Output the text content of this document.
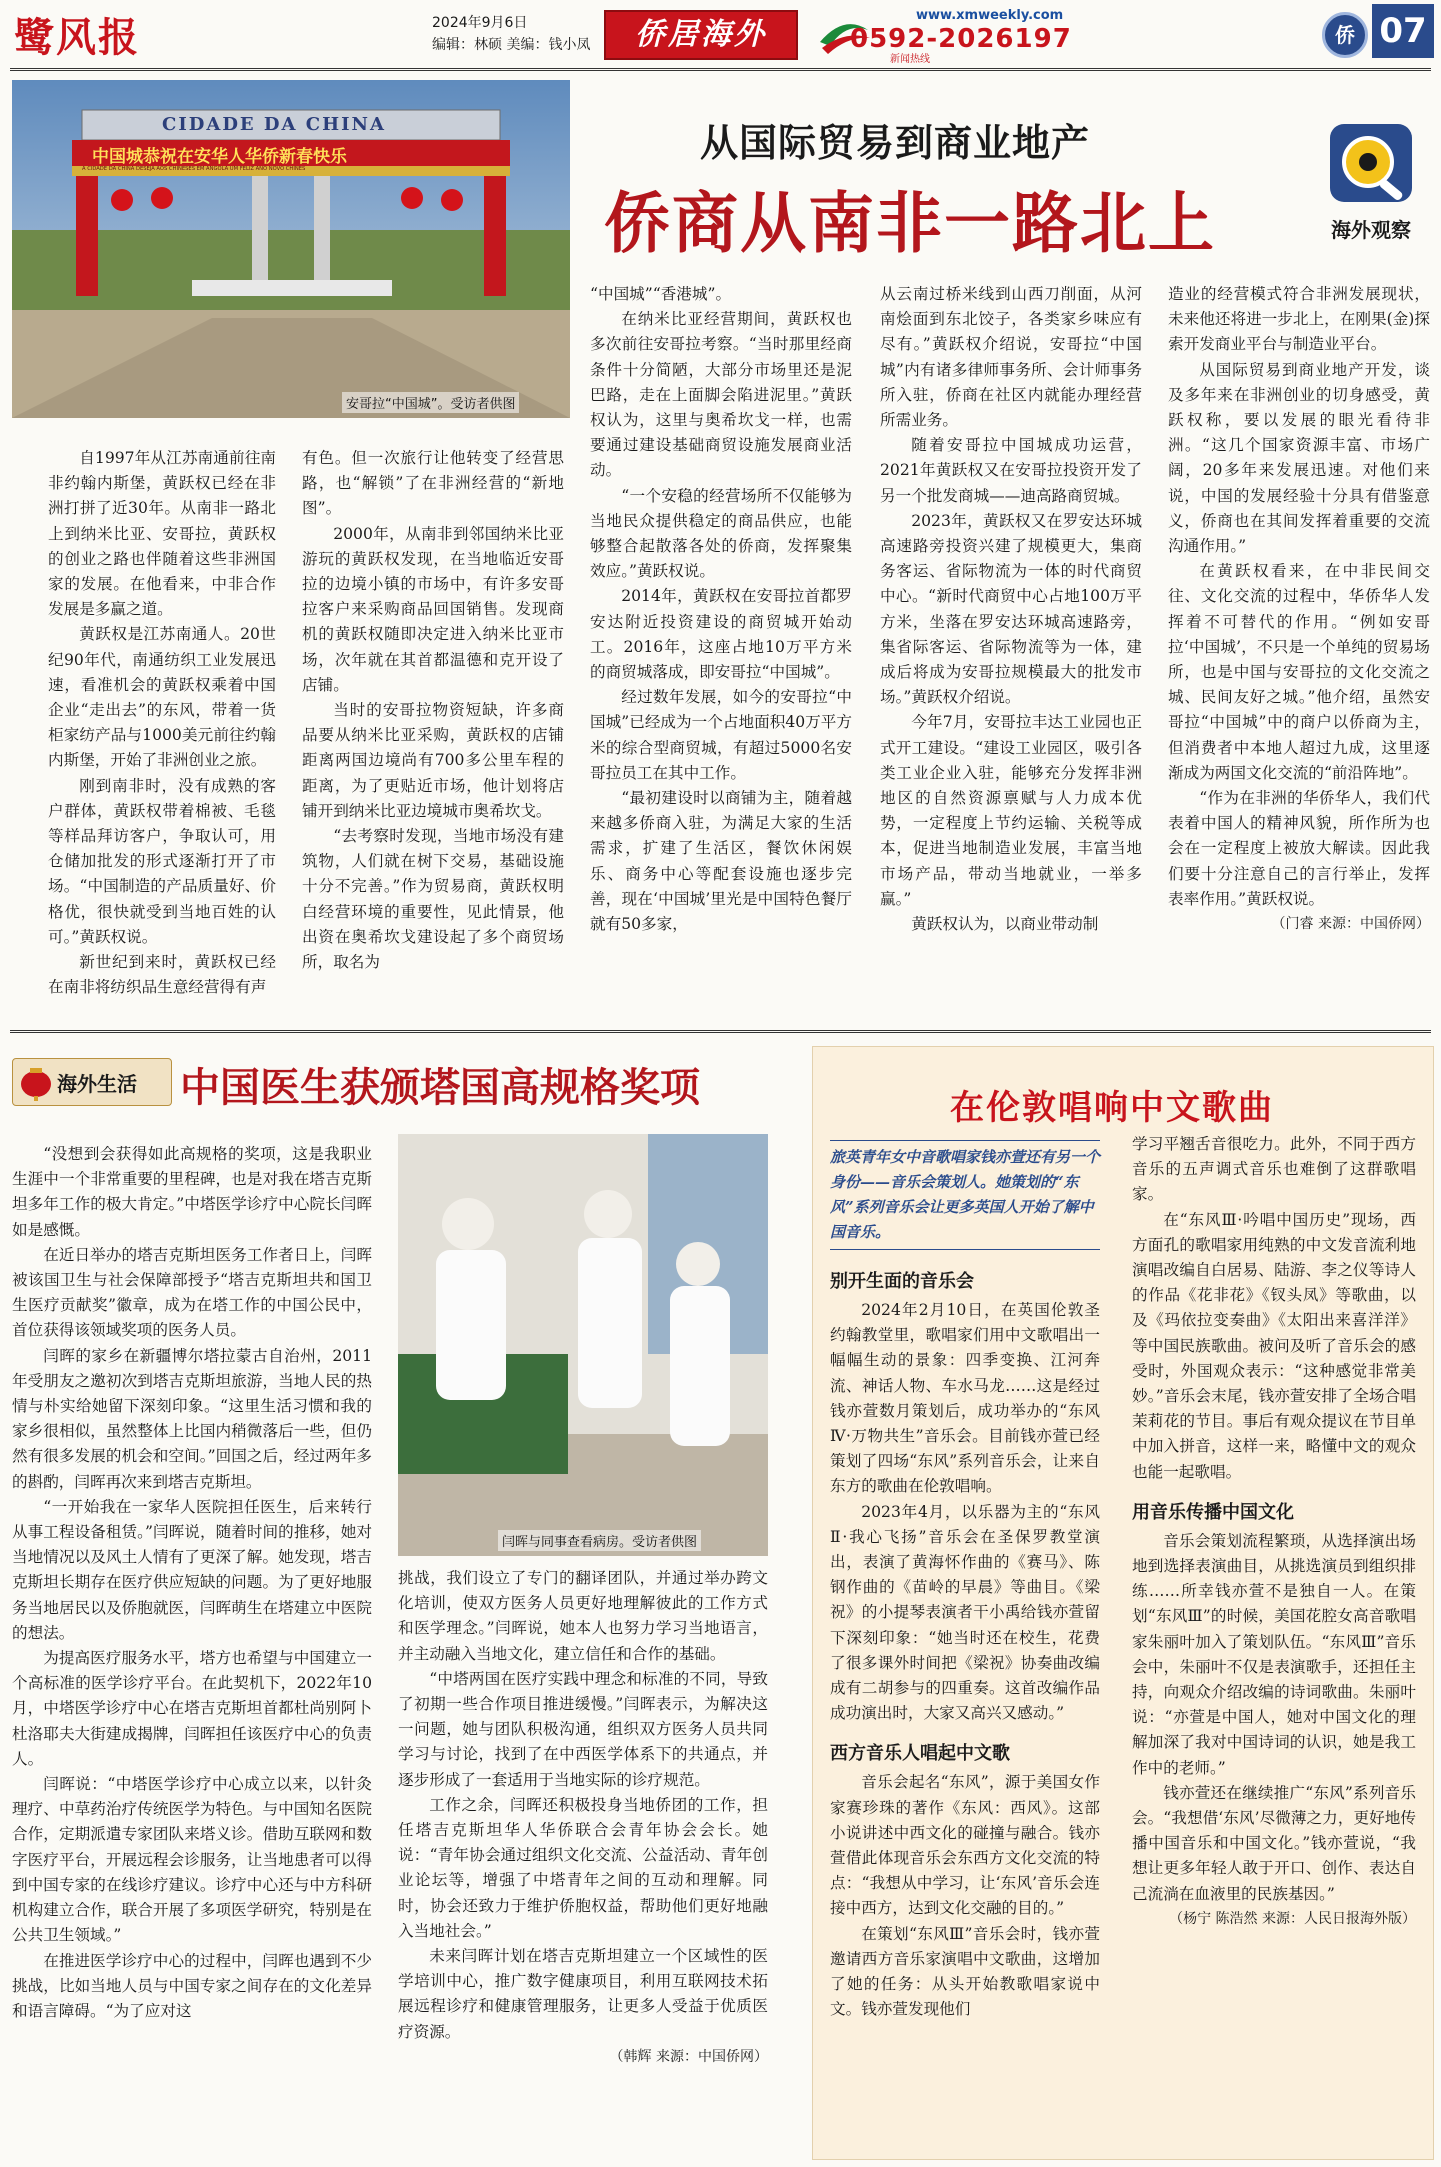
鹭风报	2024年9月6日
编辑：林硕 美编：钱小凤	侨居海外
www.xmweekly.com
0592-2026197
新闻热线
侨 07
CIDADE DA CHINA
中国城恭祝在安华人华侨新春快乐
A CIDADE DA CHINA DESEJA AOS CHINESES EM ANGOLA UM FELIZ ANO NOVO CHINES
安哥拉“中国城”。受访者供图
从国际贸易到商业地产
侨商从南非一路北上	海外观察

自1997年从江苏南通前往南非约翰内斯堡，黄跃权已经在非洲打拼了近30年。从南非一路北上到纳米比亚、安哥拉，黄跃权的创业之路也伴随着这些非洲国家的发展。在他看来，中非合作发展是多赢之道。

黄跃权是江苏南通人。20世纪90年代，南通纺织工业发展迅速，看准机会的黄跃权乘着中国企业“走出去”的东风，带着一货柜家纺产品与1000美元前往约翰内斯堡，开始了非洲创业之旅。

刚到南非时，没有成熟的客户群体，黄跃权带着棉被、毛毯等样品拜访客户，争取认可，用仓储加批发的形式逐渐打开了市场。“中国制造的产品质量好、价格优，很快就受到当地百姓的认可。”黄跃权说。

新世纪到来时，黄跃权已经在南非将纺织品生意经营得有声

有色。但一次旅行让他转变了经营思路，也“解锁”了在非洲经营的“新地图”。

2000年，从南非到邻国纳米比亚游玩的黄跃权发现，在当地临近安哥拉的边境小镇的市场中，有许多安哥拉客户来采购商品回国销售。发现商机的黄跃权随即决定进入纳米比亚市场，次年就在其首都温德和克开设了店铺。

当时的安哥拉物资短缺，许多商品要从纳米比亚采购，黄跃权的店铺距离两国边境尚有700多公里车程的距离，为了更贴近市场，他计划将店铺开到纳米比亚边境城市奥希坎戈。

“去考察时发现，当地市场没有建筑物，人们就在树下交易，基础设施十分不完善。”作为贸易商，黄跃权明白经营环境的重要性，见此情景，他出资在奥希坎戈建设起了多个商贸场所，取名为

“中国城”“香港城”。

在纳米比亚经营期间，黄跃权也多次前往安哥拉考察。“当时那里经商条件十分简陋，大部分市场里还是泥巴路，走在上面脚会陷进泥里。”黄跃权认为，这里与奥希坎戈一样，也需要通过建设基础商贸设施发展商业活动。

“一个安稳的经营场所不仅能够为当地民众提供稳定的商品供应，也能够整合起散落各处的侨商，发挥聚集效应。”黄跃权说。

2014年，黄跃权在安哥拉首都罗安达附近投资建设的商贸城开始动工。2016年，这座占地10万平方米的商贸城落成，即安哥拉“中国城”。

经过数年发展，如今的安哥拉“中国城”已经成为一个占地面积40万平方米的综合型商贸城，有超过5000名安哥拉员工在其中工作。

“最初建设时以商铺为主，随着越来越多侨商入驻，为满足大家的生活需求，扩建了生活区，餐饮休闲娱乐、商务中心等配套设施也逐步完善，现在‘中国城’里光是中国特色餐厅就有50多家，

从云南过桥米线到山西刀削面，从河南烩面到东北饺子，各类家乡味应有尽有。”黄跃权介绍说，安哥拉“中国城”内有诸多律师事务所、会计师事务所入驻，侨商在社区内就能办理经营所需业务。

随着安哥拉中国城成功运营，2021年黄跃权又在安哥拉投资开发了另一个批发商城——迪高路商贸城。

2023年，黄跃权又在罗安达环城高速路旁投资兴建了规模更大，集商务客运、省际物流为一体的时代商贸中心。“新时代商贸中心占地100万平方米，坐落在罗安达环城高速路旁，集省际客运、省际物流等为一体，建成后将成为安哥拉规模最大的批发市场。”黄跃权介绍说。

今年7月，安哥拉丰达工业园也正式开工建设。“建设工业园区，吸引各类工业企业入驻，能够充分发挥非洲地区的自然资源禀赋与人力成本优势，一定程度上节约运输、关税等成本，促进当地制造业发展，丰富当地市场产品，带动当地就业，一举多赢。”

黄跃权认为，以商业带动制

造业的经营模式符合非洲发展现状，未来他还将进一步北上，在刚果(金)探索开发商业平台与制造业平台。

从国际贸易到商业地产开发，谈及多年来在非洲创业的切身感受，黄跃权称，要以发展的眼光看待非洲。“这几个国家资源丰富、市场广阔，20多年来发展迅速。对他们来说，中国的发展经验十分具有借鉴意义，侨商也在其间发挥着重要的交流沟通作用。”

在黄跃权看来，在中非民间交往、文化交流的过程中，华侨华人发挥着不可替代的作用。“例如安哥拉‘中国城’，不只是一个单纯的贸易场所，也是中国与安哥拉的文化交流之城、民间友好之城。”他介绍，虽然安哥拉“中国城”中的商户以侨商为主，但消费者中本地人超过九成，这里逐渐成为两国文化交流的“前沿阵地”。

“作为在非洲的华侨华人，我们代表着中国人的精神风貌，所作所为也会在一定程度上被放大解读。因此我们要十分注意自己的言行举止，发挥表率作用。”黄跃权说。

（门睿 来源：中国侨网）

海外生活 中国医生获颁塔国高规格奖项
闫晖与同事查看病房。受访者供图

“没想到会获得如此高规格的奖项，这是我职业生涯中一个非常重要的里程碑，也是对我在塔吉克斯坦多年工作的极大肯定。”中塔医学诊疗中心院长闫晖如是感慨。

在近日举办的塔吉克斯坦医务工作者日上，闫晖被该国卫生与社会保障部授予“塔吉克斯坦共和国卫生医疗贡献奖”徽章，成为在塔工作的中国公民中，首位获得该领域奖项的医务人员。

闫晖的家乡在新疆博尔塔拉蒙古自治州，2011年受朋友之邀初次到塔吉克斯坦旅游，当地人民的热情与朴实给她留下深刻印象。“这里生活习惯和我的家乡很相似，虽然整体上比国内稍微落后一些，但仍然有很多发展的机会和空间。”回国之后，经过两年多的斟酌，闫晖再次来到塔吉克斯坦。

“一开始我在一家华人医院担任医生，后来转行从事工程设备租赁。”闫晖说，随着时间的推移，她对当地情况以及风土人情有了更深了解。她发现，塔吉克斯坦长期存在医疗供应短缺的问题。为了更好地服务当地居民以及侨胞就医，闫晖萌生在塔建立中医院的想法。

为提高医疗服务水平，塔方也希望与中国建立一个高标准的医学诊疗平台。在此契机下，2022年10月，中塔医学诊疗中心在塔吉克斯坦首都杜尚别阿卜杜洛耶夫大街建成揭牌，闫晖担任该医疗中心的负责人。

闫晖说：“中塔医学诊疗中心成立以来，以针灸理疗、中草药治疗传统医学为特色。与中国知名医院合作，定期派遣专家团队来塔义诊。借助互联网和数字医疗平台，开展远程会诊服务，让当地患者可以得到中国专家的在线诊疗建议。诊疗中心还与中方科研机构建立合作，联合开展了多项医学研究，特别是在公共卫生领域。”

在推进医学诊疗中心的过程中，闫晖也遇到不少挑战，比如当地人员与中国专家之间存在的文化差异和语言障碍。“为了应对这

挑战，我们设立了专门的翻译团队，并通过举办跨文化培训，使双方医务人员更好地理解彼此的工作方式和医学理念。”闫晖说，她本人也努力学习当地语言，并主动融入当地文化，建立信任和合作的基础。

“中塔两国在医疗实践中理念和标准的不同，导致了初期一些合作项目推进缓慢。”闫晖表示，为解决这一问题，她与团队积极沟通，组织双方医务人员共同学习与讨论，找到了在中西医学体系下的共通点，并逐步形成了一套适用于当地实际的诊疗规范。

工作之余，闫晖还积极投身当地侨团的工作，担任塔吉克斯坦华人华侨联合会青年协会会长。她说：“青年协会通过组织文化交流、公益活动、青年创业论坛等，增强了中塔青年之间的互动和理解。同时，协会还致力于维护侨胞权益，帮助他们更好地融入当地社会。”

未来闫晖计划在塔吉克斯坦建立一个区域性的医学培训中心，推广数字健康项目，利用互联网技术拓展远程诊疗和健康管理服务，让更多人受益于优质医疗资源。

（韩辉 来源：中国侨网）

在伦敦唱响中文歌曲
旅英青年女中音歌唱家钱亦萱还有另一个身份——音乐会策划人。她策划的“东风”系列音乐会让更多英国人开始了解中国音乐。
别开生面的音乐会

2024年2月10日，在英国伦敦圣约翰教堂里，歌唱家们用中文歌唱出一幅幅生动的景象：四季变换、江河奔流、神话人物、车水马龙……这是经过钱亦萱数月策划后，成功举办的“东风Ⅳ·万物共生”音乐会。目前钱亦萱已经策划了四场“东风”系列音乐会，让来自东方的歌曲在伦敦唱响。

2023年4月，以乐器为主的“东风Ⅱ·我心飞扬”音乐会在圣保罗教堂演出，表演了黄海怀作曲的《赛马》、陈钢作曲的《苗岭的早晨》等曲目。《梁祝》的小提琴表演者干小禹给钱亦萱留下深刻印象：“她当时还在校生，花费了很多课外时间把《梁祝》协奏曲改编成有二胡参与的四重奏。这首改编作品成功演出时，大家又高兴又感动。”

西方音乐人唱起中文歌

音乐会起名“东风”，源于美国女作家赛珍珠的著作《东风：西风》。这部小说讲述中西文化的碰撞与融合。钱亦萱借此体现音乐会东西方文化交流的特点：“我想从中学习，让‘东风’音乐会连接中西方，达到文化交融的目的。”

在策划“东风Ⅲ”音乐会时，钱亦萱邀请西方音乐家演唱中文歌曲，这增加了她的任务：从头开始教歌唱家说中文。钱亦萱发现他们

学习平翘舌音很吃力。此外，不同于西方音乐的五声调式音乐也难倒了这群歌唱家。

在“东风Ⅲ·吟唱中国历史”现场，西方面孔的歌唱家用纯熟的中文发音流利地演唱改编自白居易、陆游、李之仪等诗人的作品《花非花》《钗头凤》等歌曲，以及《玛依拉变奏曲》《太阳出来喜洋洋》等中国民族歌曲。被问及听了音乐会的感受时，外国观众表示：“这种感觉非常美妙。”音乐会末尾，钱亦萱安排了全场合唱茉莉花的节目。事后有观众提议在节目单中加入拼音，这样一来，略懂中文的观众也能一起歌唱。

用音乐传播中国文化

音乐会策划流程繁琐，从选择演出场地到选择表演曲目，从挑选演员到组织排练……所幸钱亦萱不是独自一人。在策划“东风Ⅲ”的时候，美国花腔女高音歌唱家朱丽叶加入了策划队伍。“东风Ⅲ”音乐会中，朱丽叶不仅是表演歌手，还担任主持，向观众介绍改编的诗词歌曲。朱丽叶说：“亦萱是中国人，她对中国文化的理解加深了我对中国诗词的认识，她是我工作中的老师。”

钱亦萱还在继续推广“东风”系列音乐会。“我想借‘东风’尽微薄之力，更好地传播中国音乐和中国文化。”钱亦萱说，“我想让更多年轻人敢于开口、创作、表达自己流淌在血液里的民族基因。”

（杨宁 陈浩然 来源：人民日报海外版）
